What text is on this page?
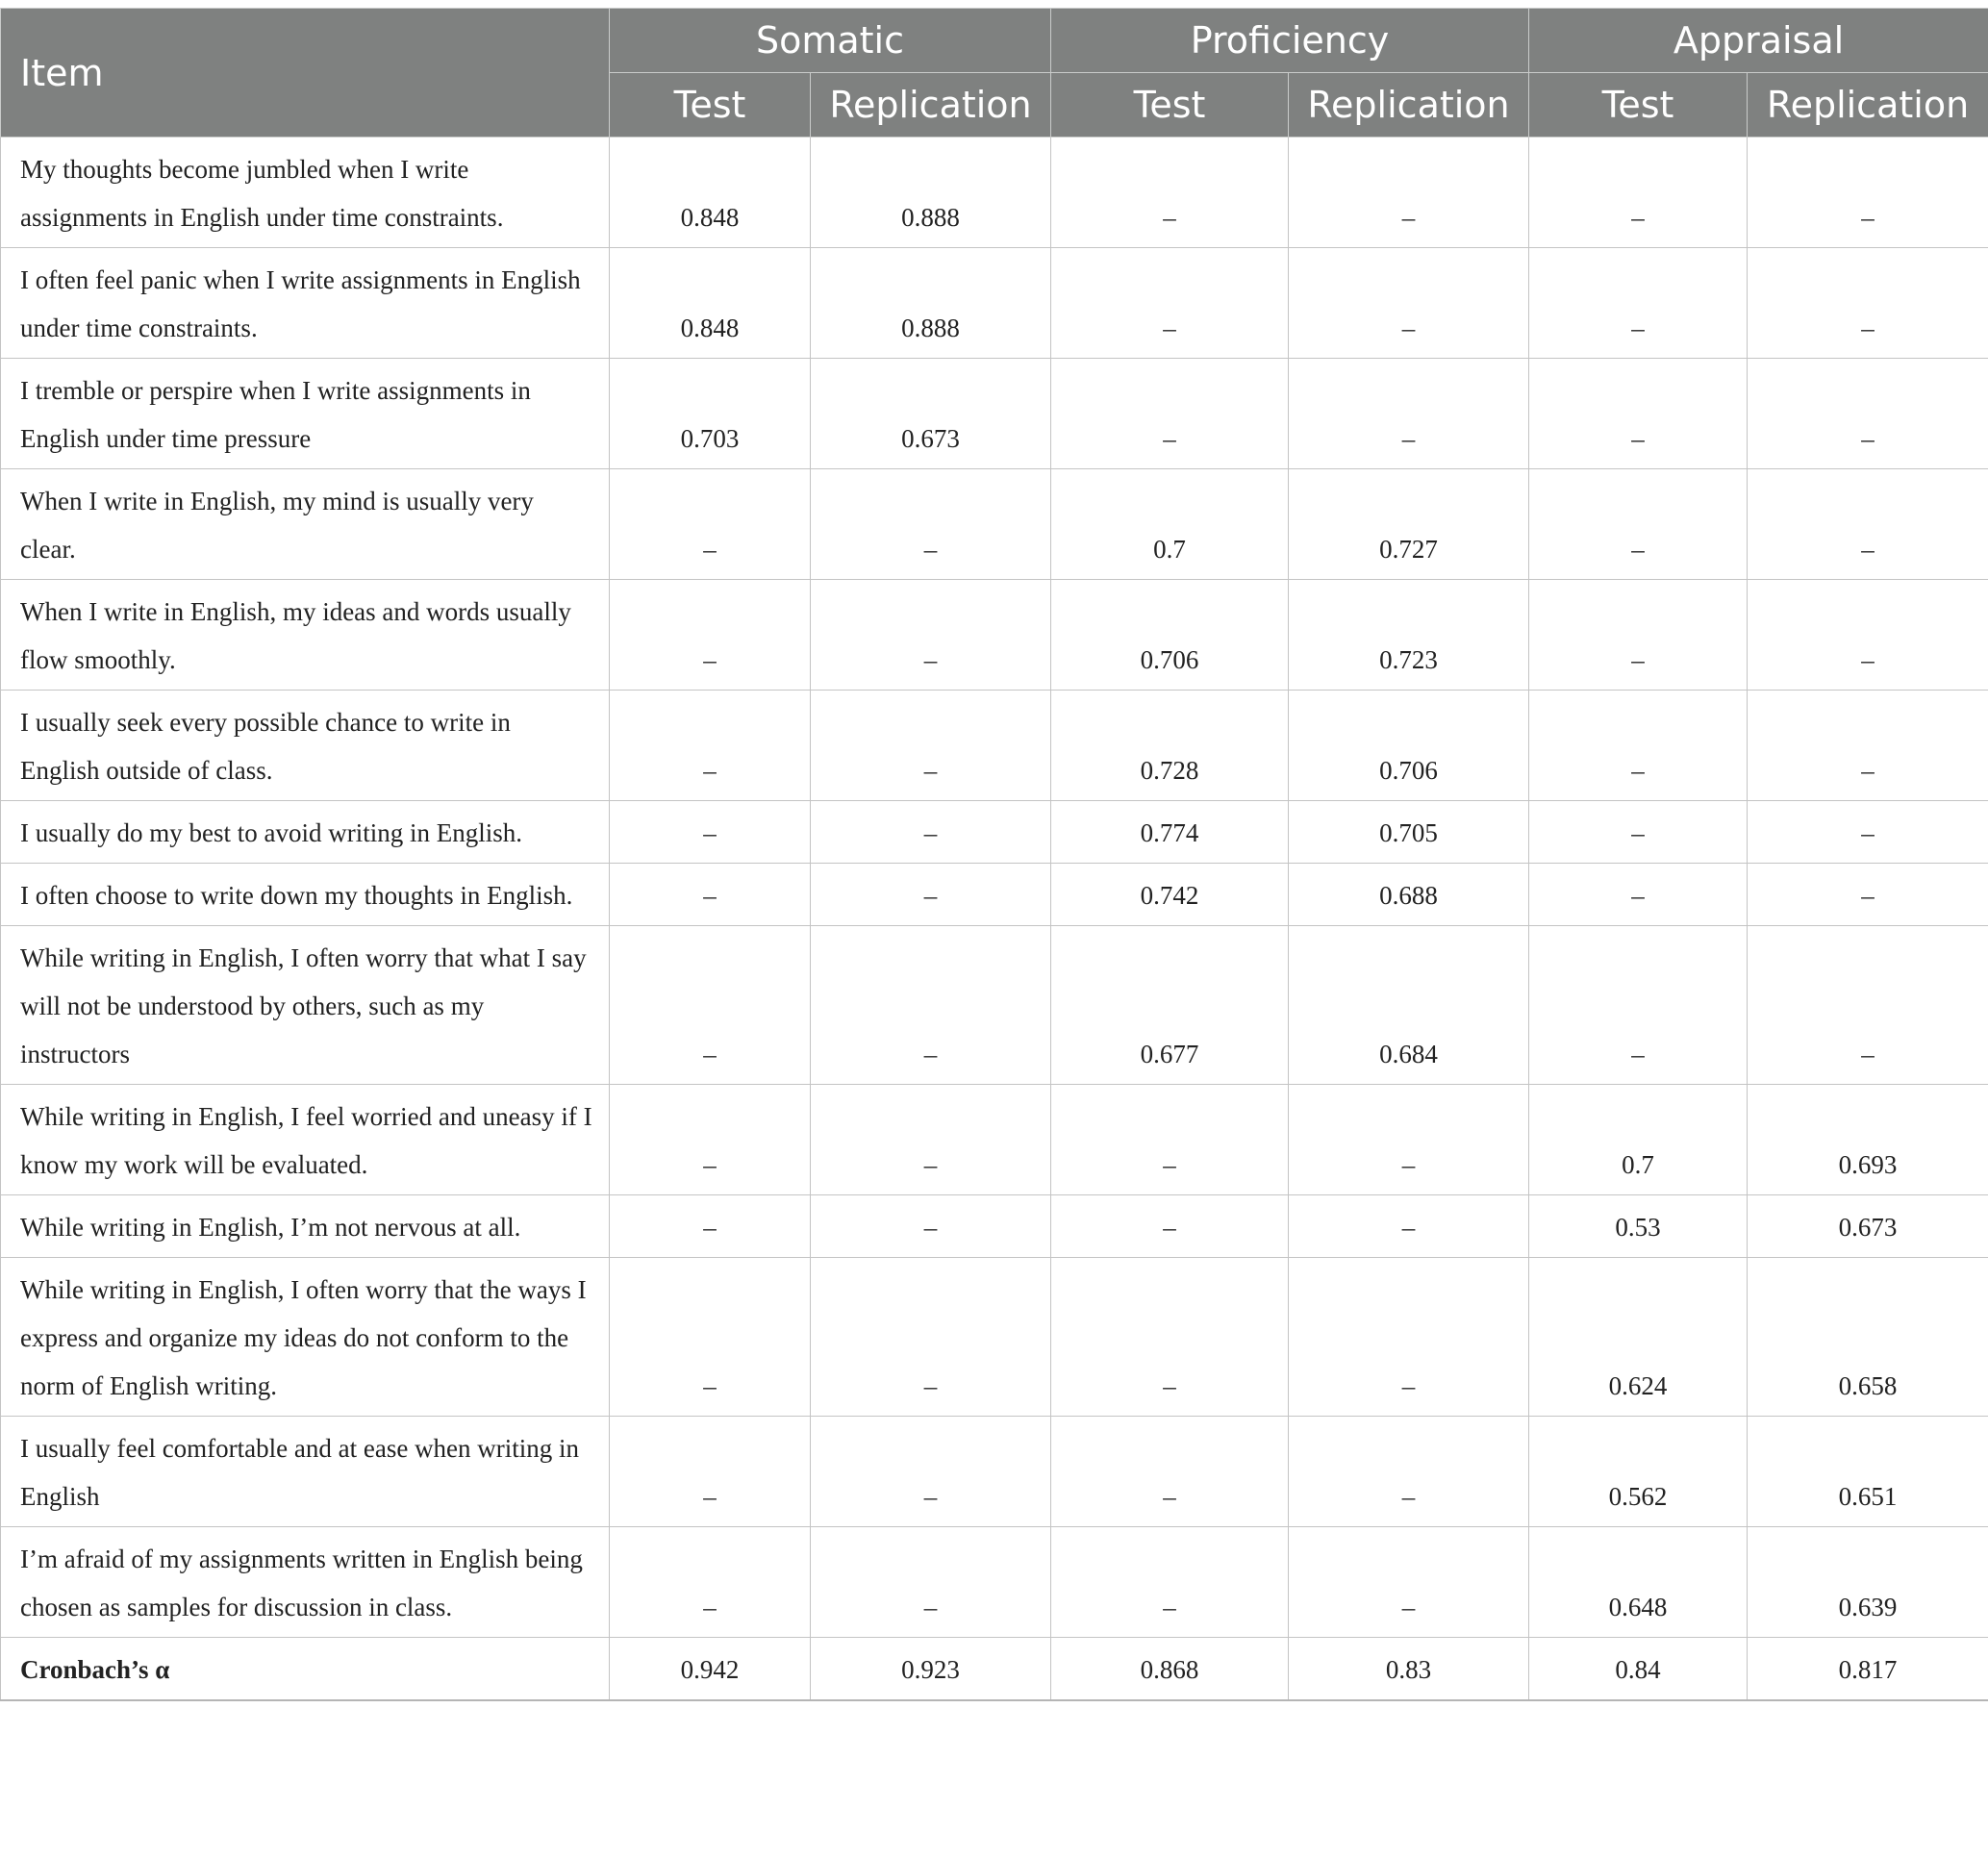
Item	Somatic		Proficiency		Appraisal	
	Test	Replication	Test	Replication	Test	Replication
My thoughts become jumbled when I write assignments in English under time constraints.	0.848	0.888	–	–	–	–
I often feel panic when I write assignments in English under time constraints.	0.848	0.888	–	–	–	–
I tremble or perspire when I write assignments in English under time pressure	0.703	0.673	–	–	–	–
When I write in English, my mind is usually very clear.	–	–	0.7	0.727	–	–
When I write in English, my ideas and words usually flow smoothly.	–	–	0.706	0.723	–	–
I usually seek every possible chance to write in English outside of class.	–	–	0.728	0.706	–	–
I usually do my best to avoid writing in English.	–	–	0.774	0.705	–	–
I often choose to write down my thoughts in English.	–	–	0.742	0.688	–	–
While writing in English, I often worry that what I say will not be understood by others, such as my instructors	–	–	0.677	0.684	–	–
While writing in English, I feel worried and uneasy if I know my work will be evaluated.	–	–	–	–	0.7	0.693
While writing in English, I’m not nervous at all.	–	–	–	–	0.53	0.673
While writing in English, I often worry that the ways I express and organize my ideas do not conform to the norm of English writing.	–	–	–	–	0.624	0.658
I usually feel comfortable and at ease when writing in English	–	–	–	–	0.562	0.651
I’m afraid of my assignments written in English being chosen as samples for discussion in class.	–	–	–	–	0.648	0.639
Cronbach’s α	0.942	0.923	0.868	0.83	0.84	0.817
